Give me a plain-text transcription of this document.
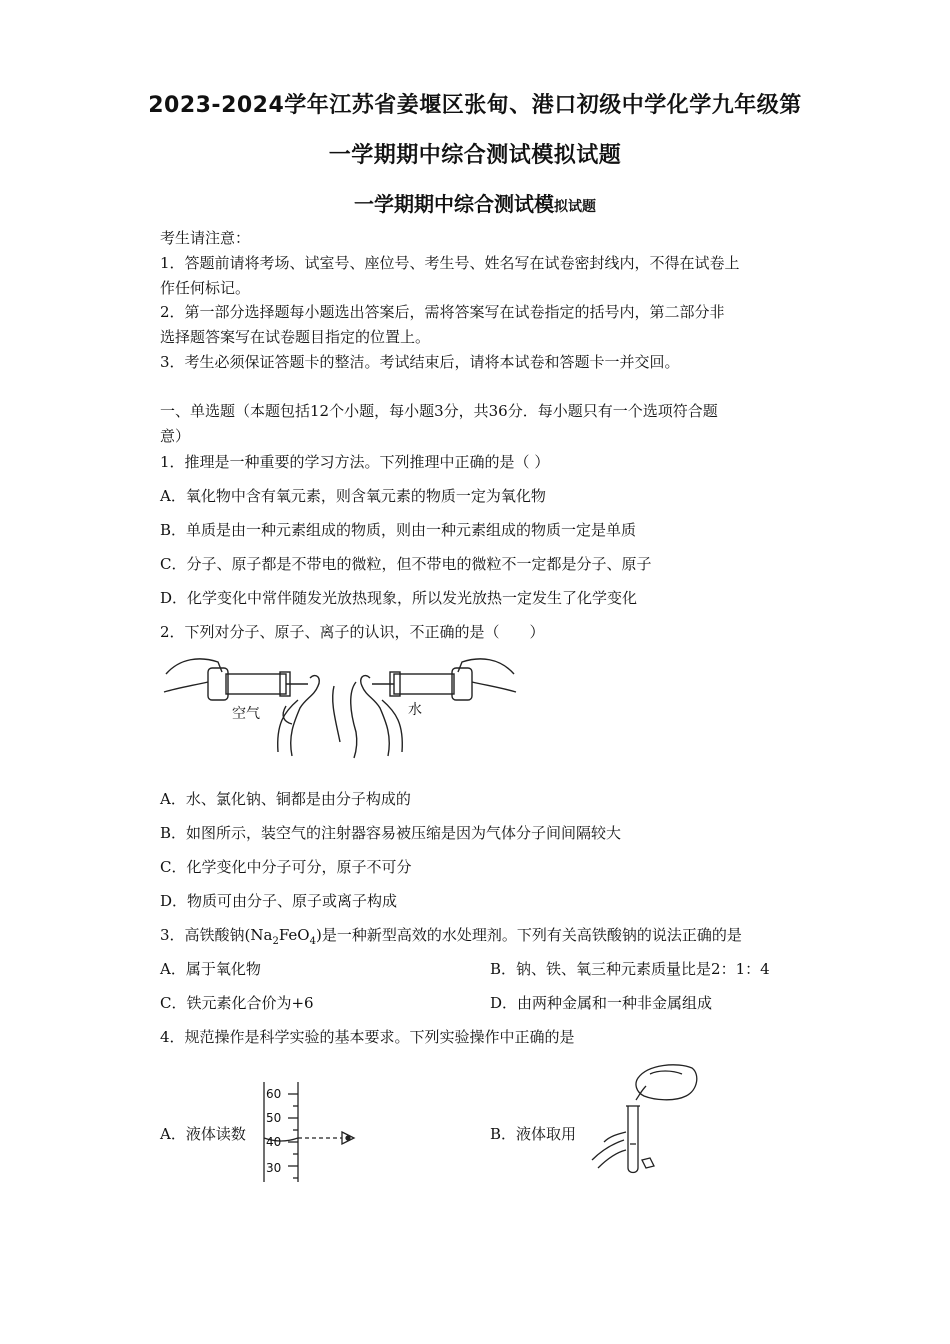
2023-2024学年江苏省姜堰区张甸、港口初级中学化学九年级第
一学期期中综合测试模拟试题
一学期期中综合测试模拟试题
考生请注意：
1．答题前请将考场、试室号、座位号、考生号、姓名写在试卷密封线内，不得在试卷上
作任何标记。
2．第一部分选择题每小题选出答案后，需将答案写在试卷指定的括号内，第二部分非
选择题答案写在试卷题目指定的位置上。
3．考生必须保证答题卡的整洁。考试结束后，请将本试卷和答题卡一并交回。
一、单选题（本题包括12个小题，每小题3分，共36分．每小题只有一个选项符合题
意）
1．推理是一种重要的学习方法。下列推理中正确的是（ ）
A．氧化物中含有氧元素，则含氧元素的物质一定为氧化物
B．单质是由一种元素组成的物质，则由一种元素组成的物质一定是单质
C．分子、原子都是不带电的微粒，但不带电的微粒不一定都是分子、原子
D．化学变化中常伴随发光放热现象，所以发光放热一定发生了化学变化
2．下列对分子、原子、离子的认识，不正确的是（　　）
空气	水
A．水、氯化钠、铜都是由分子构成的
B．如图所示，装空气的注射器容易被压缩是因为气体分子间间隔较大
C．化学变化中分子可分，原子不可分
D．物质可由分子、原子或离子构成
3．高铁酸钠$(Na_2FeO_4)$是一种新型高效的水处理剂。下列有关高铁酸钠的说法正确的是
A．属于氧化物	B．钠、铁、氧三种元素质量比是2：1：4
C．铁元素化合价为+6	D．由两种金属和一种非金属组成
4．规范操作是科学实验的基本要求。下列实验操作中正确的是
A．液体读数
60
50
40
30
B．液体取用
